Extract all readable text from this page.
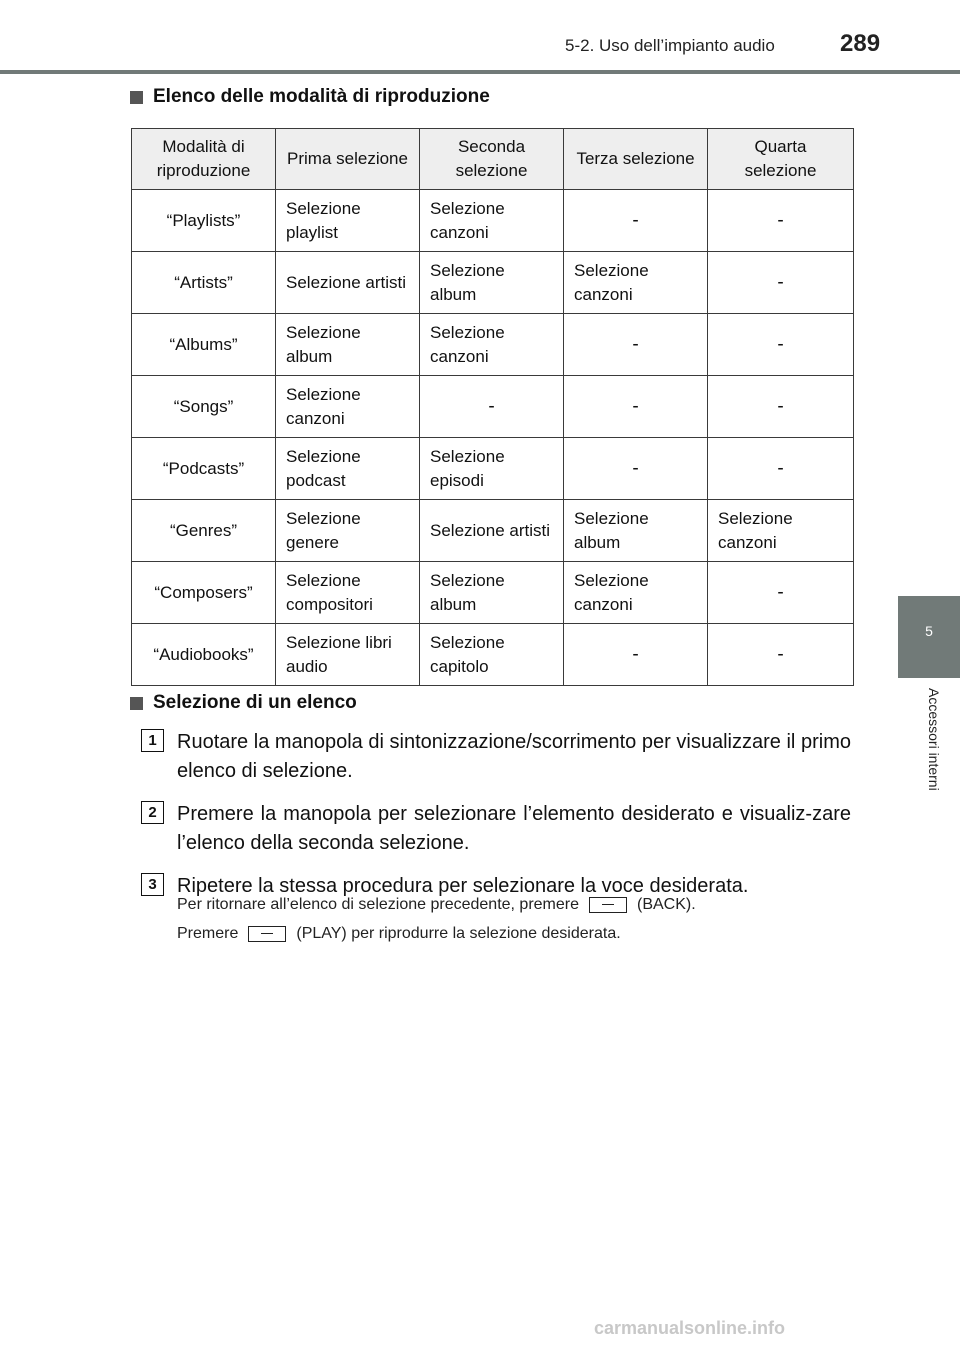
5-2. Uso dell’impianto audio	289
5
Accessori interni
Elenco delle modalità di riproduzione
Modalità di riproduzione	Prima selezione	Seconda selezione	Terza selezione	Quarta selezione
“Playlists”	Selezione playlist	Selezione canzoni	-	-
“Artists”	Selezione artisti	Selezione album	Selezione canzoni	-
“Albums”	Selezione album	Selezione canzoni	-	-
“Songs”	Selezione canzoni	-	-	-
“Podcasts”	Selezione podcast	Selezione episodi	-	-
“Genres”	Selezione genere	Selezione artisti	Selezione album	Selezione canzoni
“Composers”	Selezione compositori	Selezione album	Selezione canzoni	-
“Audiobooks”	Selezione libri audio	Selezione capitolo	-	-
Selezione di un elenco
1	Ruotare la manopola di sintonizzazione/scorrimento per visualizzare il primo elenco di selezione.
2	Premere la manopola per selezionare l’elemento desiderato e visualiz-zare l’elenco della seconda selezione.
3	Ripetere la stessa procedura per selezionare la voce desiderata.
Per ritornare all’elenco di selezione precedente, premere	(BACK).
Premere	(PLAY) per riprodurre la selezione desiderata.
carmanualsonline.info
